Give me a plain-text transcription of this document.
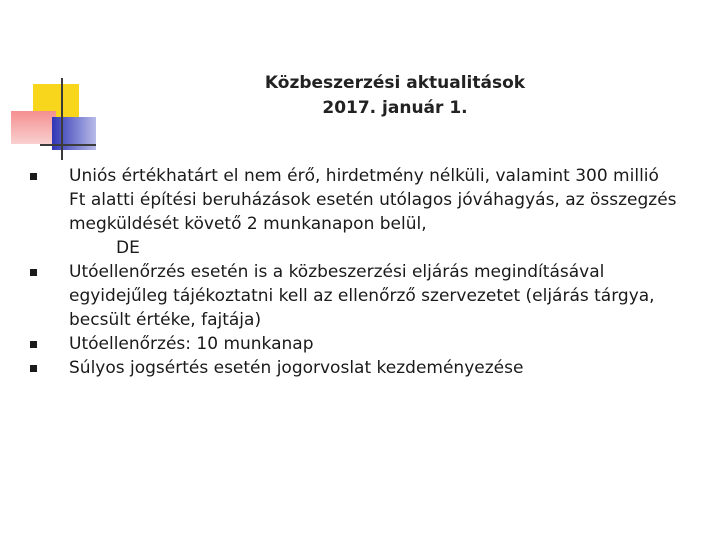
Közbeszerzési aktualitások
2017. január 1.
Uniós értékhatárt el nem érő, hirdetmény nélküli, valamint 300 millió Ft alatti építési beruházások esetén utólagos jóváhagyás, az összegzés megküldését követő 2 munkanapon belül,
DE
Utóellenőrzés esetén is a közbeszerzési eljárás megindításával egyidejűleg tájékoztatni kell az ellenőrző szervezetet (eljárás tárgya, becsült értéke, fajtája)
Utóellenőrzés: 10 munkanap
Súlyos jogsértés esetén jogorvoslat kezdeményezése
